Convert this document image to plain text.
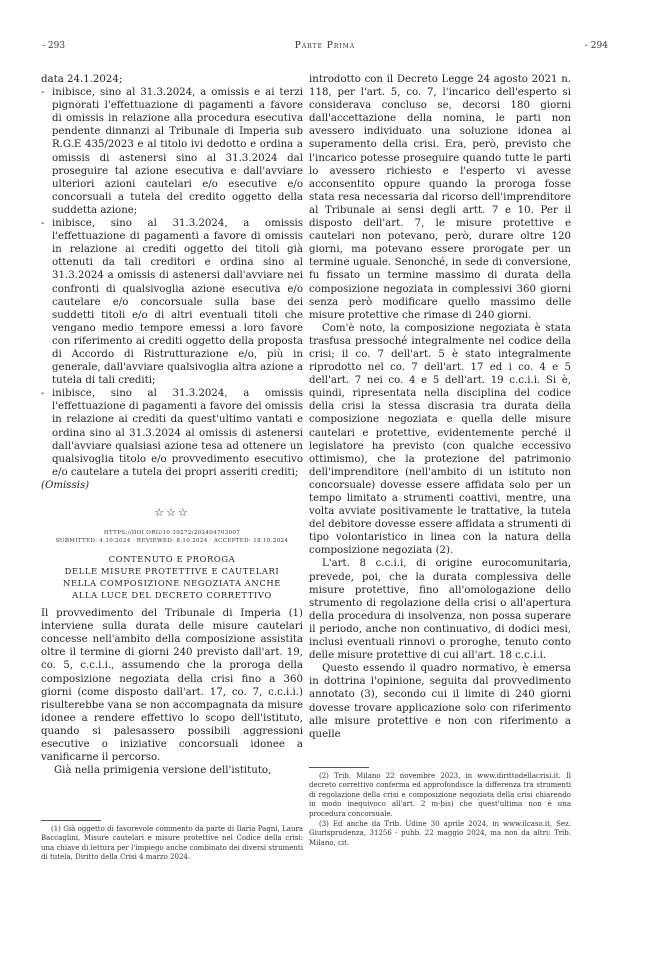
- 293	Parte Prima	- 294

data 24.1.2024;

- inibisce, sino al 31.3.2024, a omissis e ai terzi pignorati l'effettuazione di pagamenti a favore di omissis in relazione alla procedura esecutiva pendente dinnanzi al Tribunale di Imperia sub R.G.E 435/2023 e al titolo ivi dedotto e ordina a omissis di astenersi sino al 31.3.2024 dal proseguire tal azione esecutiva e dall'avviare ulteriori azioni cautelari e/o esecutive e/o concorsuali a tutela del credito oggetto della suddetta azione;
- inibisce, sino al 31.3.2024, a omissis l'effettuazione di pagamenti a favore di omissis in relazione ai crediti oggetto dei titoli già ottenuti da tali creditori e ordina sino al 31.3.2024 a omissis di astenersi dall'avviare nei confronti di qualsivoglia azione esecutiva e/o cautelare e/o concorsuale sulla base dei suddetti titoli e/o di altri eventuali titoli che vengano medio tempore emessi a loro favore con riferimento ai crediti oggetto della proposta di Accordo di Ristrutturazione e/o, più in generale, dall'avviare qualsivoglia altra azione a tutela di tali crediti;
- inibisce, sino al 31.3.2024, a omissis l'effettuazione di pagamenti a favore del omissis in relazione ai crediti da quest'ultimo vantati e ordina sino al 31.3.2024 al omissis di astenersi dall'avviare qualsiasi azione tesa ad ottenere un qualsivoglia titolo e/o provvedimento esecutivo e/o cautelare a tutela dei propri asseriti crediti;

(Omissis)

☆☆☆
HTTPS://DOI.ORG/10.19272/202404703007
SUBMITTED: 4.10.2024 · REVIEWED: 8.10.2024 · ACCEPTED: 18.10.2024
CONTENUTO E PROROGA
DELLE MISURE PROTETTIVE E CAUTELARI
NELLA COMPOSIZIONE NEGOZIATA ANCHE
ALLA LUCE DEL DECRETO CORRETTIVO

Il provvedimento del Tribunale di Imperia (1) interviene sulla durata delle misure cautelari concesse nell'ambito della composizione assistita oltre il termine di giorni 240 previsto dall'art. 19, co. 5, c.c.i.i., assumendo che la proroga della composizione negoziata della crisi fino a 360 giorni (come disposto dall'art. 17, co. 7, c.c.i.i.) risulterebbe vana se non accompagnata da misure idonee a rendere effettivo lo scopo dell'istituto, quando si palesassero possibili aggressioni esecutive o iniziative concorsuali idonee a vanificarne il percorso.

Già nella primigenia versione dell'istituto,

introdotto con il Decreto Legge 24 agosto 2021 n. 118, per l'art. 5, co. 7, l'incarico dell'esperto si considerava concluso se, decorsi 180 giorni dall'accettazione della nomina, le parti non avessero individuato una soluzione idonea al superamento della crisi. Era, però, previsto che l'incarico potesse proseguire quando tutte le parti lo avessero richiesto e l'esperto vi avesse acconsentito oppure quando la proroga fosse stata resa necessaria dal ricorso dell'imprenditore al Tribunale ai sensi degli artt. 7 e 10. Per il disposto dell'art. 7, le misure protettive e cautelari non potevano, però, durare oltre 120 giorni, ma potevano essere prorogate per un termine uguale. Senonché, in sede di conversione, fu fissato un termine massimo di durata della composizione negoziata in complessivi 360 giorni senza però modificare quello massimo delle misure protettive che rimase di 240 giorni.

Com'è noto, la composizione negoziata è stata trasfusa pressoché integralmente nel codice della crisi; il co. 7 dell'art. 5 è stato integralmente riprodotto nel co. 7 dell'art. 17 ed i co. 4 e 5 dell'art. 7 nei co. 4 e 5 dell'art. 19 c.c.i.i. Si è, quindi, ripresentata nella disciplina del codice della crisi la stessa discrasia tra durata della composizione negoziata e quella delle misure cautelari e protettive, evidentemente perché il legislatore ha previsto (con qualche eccessivo ottimismo), che la protezione del patrimonio dell'imprenditore (nell'ambito di un istituto non concorsuale) dovesse essere affidata solo per un tempo limitato a strumenti coattivi, mentre, una volta avviate positivamente le trattative, la tutela del debitore dovesse essere affidata a strumenti di tipo volontaristico in linea con la natura della composizione negoziata (2).

L'art. 8 c.c.i.i, di origine eurocomunitaria, prevede, poi, che la durata complessiva delle misure protettive, fino all'omologazione dello strumento di regolazione della crisi o all'apertura della procedura di insolvenza, non possa superare il periodo, anche non continuativo, di dodici mesi, inclusi eventuali rinnovi o proroghe, tenuto conto delle misure protettive di cui all'art. 18 c.c.i.i.

Questo essendo il quadro normativo, è emersa in dottrina l'opinione, seguita dal provvedimento annotato (3), secondo cui il limite di 240 giorni dovesse trovare applicazione solo con riferimento alle misure protettive e non con riferimento a quelle

(1) Già oggetto di favorevole commento da parte di Ilaria Pagni, Laura Baccaglini, Misure cautelari e misure protettive nel Codice della crisi: una chiave di lettura per l'impiego anche combinato dei diversi strumenti di tutela, Diritto della Crisi 4 marzo 2024.

(2) Trib. Milano 22 novembre 2023, in www.dirittodellacrisi.it. Il decreto correttivo conferma ed approfondisce la differenza tra strumenti di regolazione della crisi e composizione negoziata della crisi chiarendo in modo inequivoco all'art. 2 m-bis) che quest'ultima non è una procedura concorsuale.

(3) Ed anche da Trib. Udine 30 aprile 2024, in www.ilcaso.it, Sez. Giurisprudenza, 31256 - pubb. 22 maggio 2024, ma non da altri: Trib. Milano, cit.
